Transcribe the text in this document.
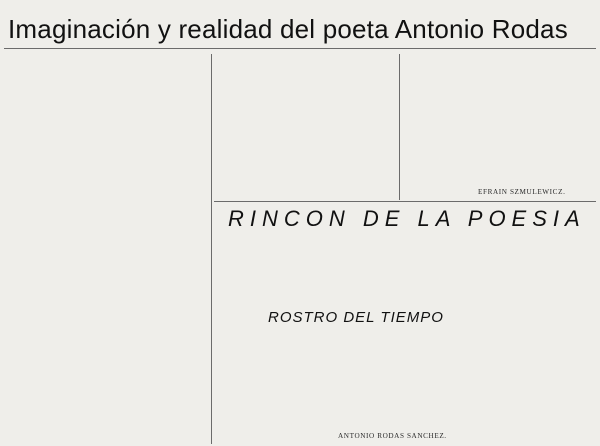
Imaginación y realidad del poeta Antonio Rodas
EFRAIN SZMULEWICZ.
RINCON DE LA POESIA
ROSTRO DEL TIEMPO
ANTONIO RODAS SANCHEZ.
